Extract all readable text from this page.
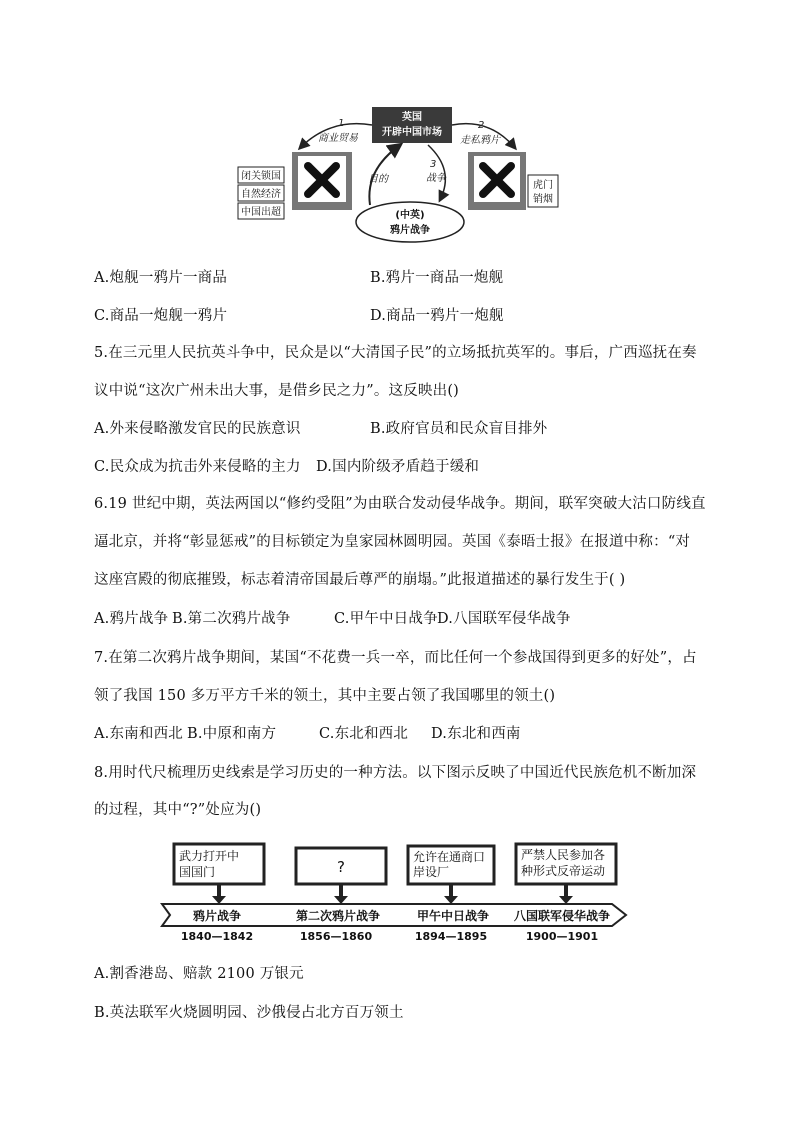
英国
开辟中国市场
1
商业贸易
2
走私鸦片
目的
3
战争
(中英)
鸦片战争
闭关锁国
自然经济
中国出超
虎门
销烟
A.炮舰一鸦片一商品	B.鸦片一商品一炮舰
C.商品一炮舰一鸦片	D.商品一鸦片一炮舰
5.在三元里人民抗英斗争中，民众是以“大清国子民”的立场抵抗英军的。事后，广西巡抚在奏
议中说“这次广州未出大事，是借乡民之力”。这反映出()
A.外来侵略激发官民的民族意识	B.政府官员和民众盲目排外
C.民众成为抗击外来侵略的主力 D.国内阶级矛盾趋于缓和
6.19 世纪中期，英法两国以“修约受阻”为由联合发动侵华战争。期间，联军突破大沽口防线直
逼北京，并将“彰显惩戒”的目标锁定为皇家园林圆明园。英国《泰晤士报》在报道中称：“对
这座宫殿的彻底摧毁，标志着清帝国最后尊严的崩塌。”此报道描述的暴行发生于( )
A.鸦片战争 B.第二次鸦片战争	C.甲午中日战争D.八国联军侵华战争
7.在第二次鸦片战争期间，某国“不花费一兵一卒，而比任何一个参战国得到更多的好处”，占
领了我国 150 多万平方千米的领土，其中主要占领了我国哪里的领土()
A.东南和西北 B.中原和南方	C.东北和西北 D.东北和西南
8.用时代尺梳理历史线索是学习历史的一种方法。以下图示反映了中国近代民族危机不断加深
的过程，其中“?”处应为()
武力打开中
国国门	?
允许在通商口
岸设厂
严禁人民参加各
种形式反帝运动
鸦片战争	第二次鸦片战争	甲午中日战争 八国联军侵华战争
1840—1842	1856—1860	1894—1895	1900—1901
A.割香港岛、赔款 2100 万银元
B.英法联军火烧圆明园、沙俄侵占北方百万领土
